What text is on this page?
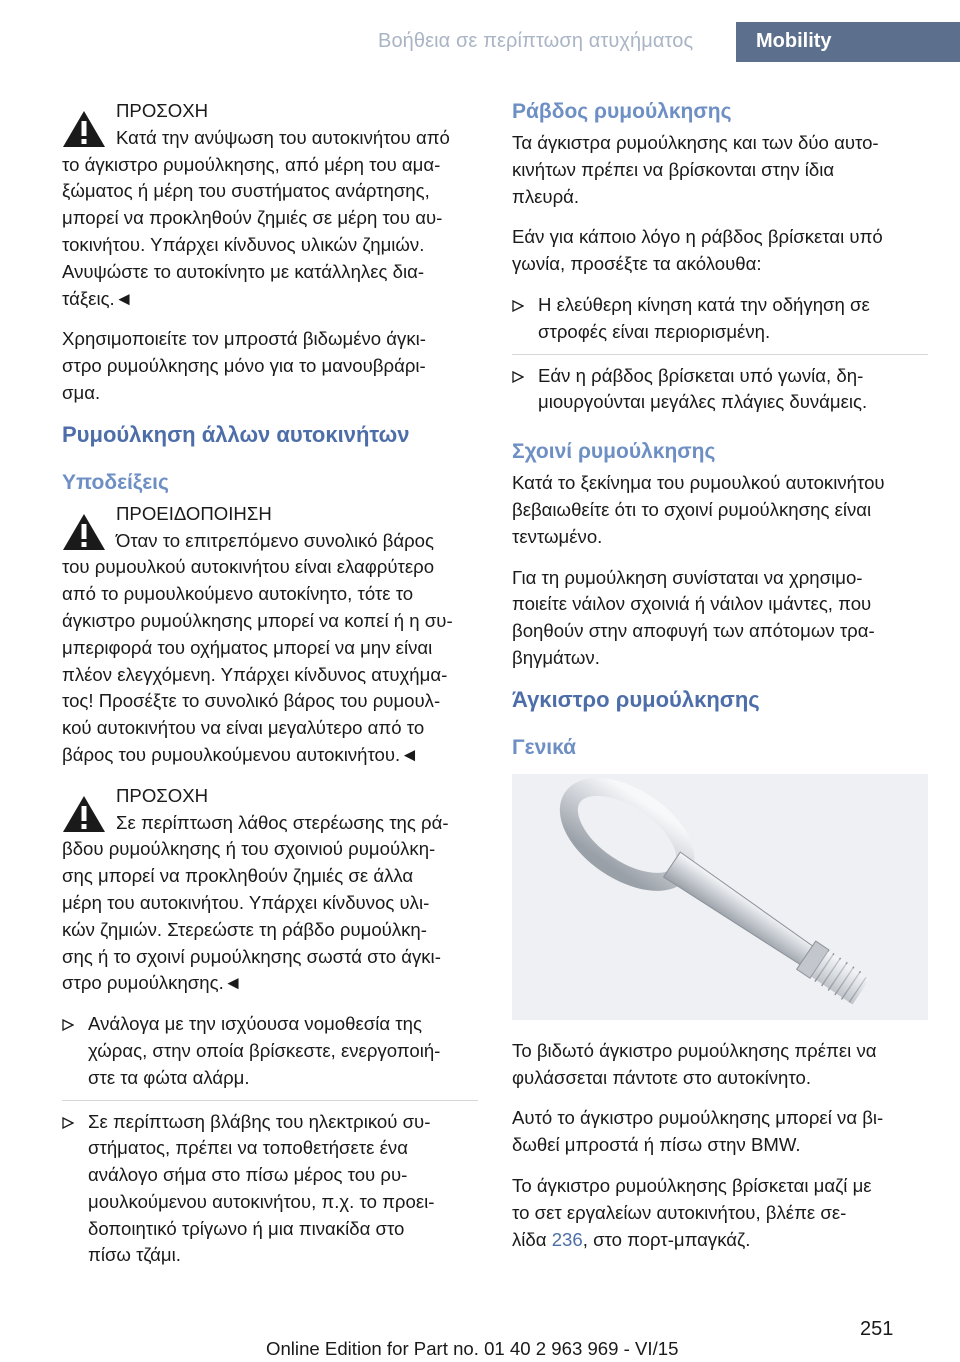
Βοήθεια σε περίπτωση ατυχήματος	Mobility

ΠΡΟΣΟΧΗ

Κατά την ανύψωση του αυτοκινήτου από

το άγκιστρο ρυμούλκησης, από μέρη του αμα‐

ξώματος ή μέρη του συστήματος ανάρτησης,

μπορεί να προκληθούν ζημιές σε μέρη του αυ‐

τοκινήτου. Υπάρχει κίνδυνος υλικών ζημιών.

Ανυψώστε το αυτοκίνητο με κατάλληλες δια‐

τάξεις.◄

Χρησιμοποιείτε τον μπροστά βιδωμένο άγκι‐

στρο ρυμούλκησης μόνο για το μανουβράρι‐

σμα.

Ρυμούλκηση άλλων αυτοκινήτων
Υποδείξεις

ΠΡΟΕΙΔΟΠΟΙΗΣΗ

Όταν το επιτρεπόμενο συνολικό βάρος

του ρυμουλκού αυτοκινήτου είναι ελαφρύτερο

από το ρυμουλκούμενο αυτοκίνητο, τότε το

άγκιστρο ρυμούλκησης μπορεί να κοπεί ή η συ‐

μπεριφορά του οχήματος μπορεί να μην είναι

πλέον ελεγχόμενη. Υπάρχει κίνδυνος ατυχήμα‐

τος! Προσέξτε το συνολικό βάρος του ρυμουλ‐

κού αυτοκινήτου να είναι μεγαλύτερο από το

βάρος του ρυμουλκούμενου αυτοκινήτου.◄

ΠΡΟΣΟΧΗ

Σε περίπτωση λάθος στερέωσης της ρά‐

βδου ρυμούλκησης ή του σχοινιού ρυμούλκη‐

σης μπορεί να προκληθούν ζημιές σε άλλα

μέρη του αυτοκινήτου. Υπάρχει κίνδυνος υλι‐

κών ζημιών. Στερεώστε τη ράβδο ρυμούλκη‐

σης ή το σχοινί ρυμούλκησης σωστά στο άγκι‐

στρο ρυμούλκησης.◄

Ανάλογα με την ισχύουσα νομοθεσία της

χώρας, στην οποία βρίσκεστε, ενεργοποιή‐

στε τα φώτα αλάρμ.

Σε περίπτωση βλάβης του ηλεκτρικού συ‐

στήματος, πρέπει να τοποθετήσετε ένα

ανάλογο σήμα στο πίσω μέρος του ρυ‐

μουλκούμενου αυτοκινήτου, π.χ. το προει‐

δοποιητικό τρίγωνο ή μια πινακίδα στο

πίσω τζάμι.

Ράβδος ρυμούλκησης

Τα άγκιστρα ρυμούλκησης και των δύο αυτο‐

κινήτων πρέπει να βρίσκονται στην ίδια

πλευρά.

Εάν για κάποιο λόγο η ράβδος βρίσκεται υπό

γωνία, προσέξτε τα ακόλουθα:

Η ελεύθερη κίνηση κατά την οδήγηση σε

στροφές είναι περιορισμένη.

Εάν η ράβδος βρίσκεται υπό γωνία, δη‐

μιουργούνται μεγάλες πλάγιες δυνάμεις.

Σχοινί ρυμούλκησης

Κατά το ξεκίνημα του ρυμουλκού αυτοκινήτου

βεβαιωθείτε ότι το σχοινί ρυμούλκησης είναι

τεντωμένο.

Για τη ρυμούλκηση συνίσταται να χρησιμο‐

ποιείτε νάιλον σχοινιά ή νάιλον ιμάντες, που

βοηθούν στην αποφυγή των απότομων τρα‐

βηγμάτων.

Άγκιστρο ρυμούλκησης
Γενικά

Το βιδωτό άγκιστρο ρυμούλκησης πρέπει να

φυλάσσεται πάντοτε στο αυτοκίνητο.

Αυτό το άγκιστρο ρυμούλκησης μπορεί να βι‐

δωθεί μπροστά ή πίσω στην BMW.

Το άγκιστρο ρυμούλκησης βρίσκεται μαζί με

το σετ εργαλείων αυτοκινήτου, βλέπε σε‐

λίδα 236, στο πορτ-μπαγκάζ.

251
Online Edition for Part no. 01 40 2 963 969 - VI/15
